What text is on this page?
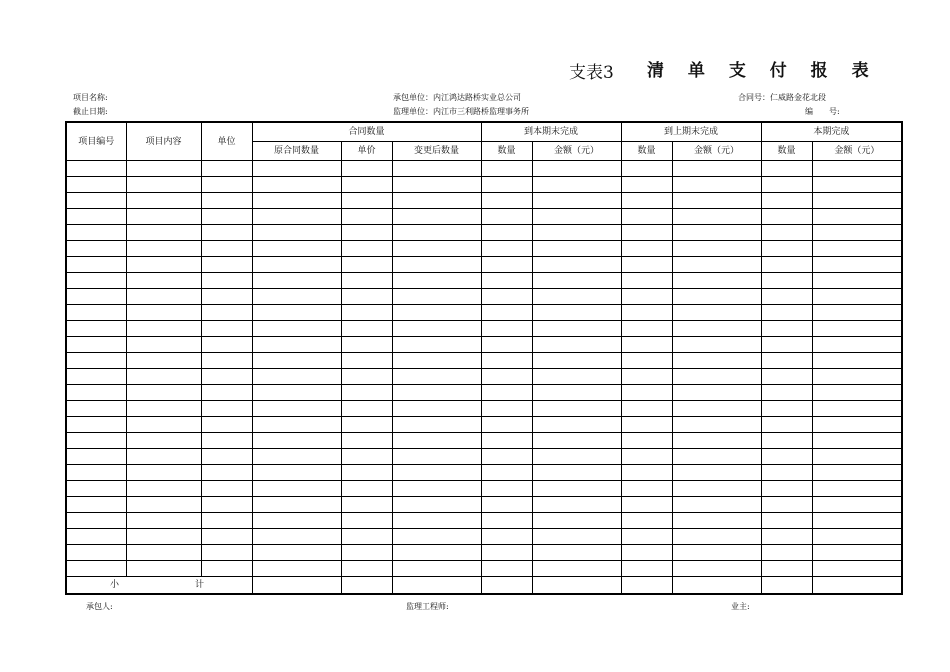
支表3 清 单 支 付 报 表
项目名称:
截止日期:
承包单位：内江鸿达路桥实业总公司
监理单位：内江市三利路桥监理事务所
合同号：仁威路金花北段
编　　号:
项目编号	项目内容	单位	合同数量			到本期末完成		到上期末完成		本期完成	
			原合同数量	单价	变更后数量	数量	金额（元）	数量	金额（元）	数量	金额（元）

小 计											
承包人:	监理工程师:	业主:
